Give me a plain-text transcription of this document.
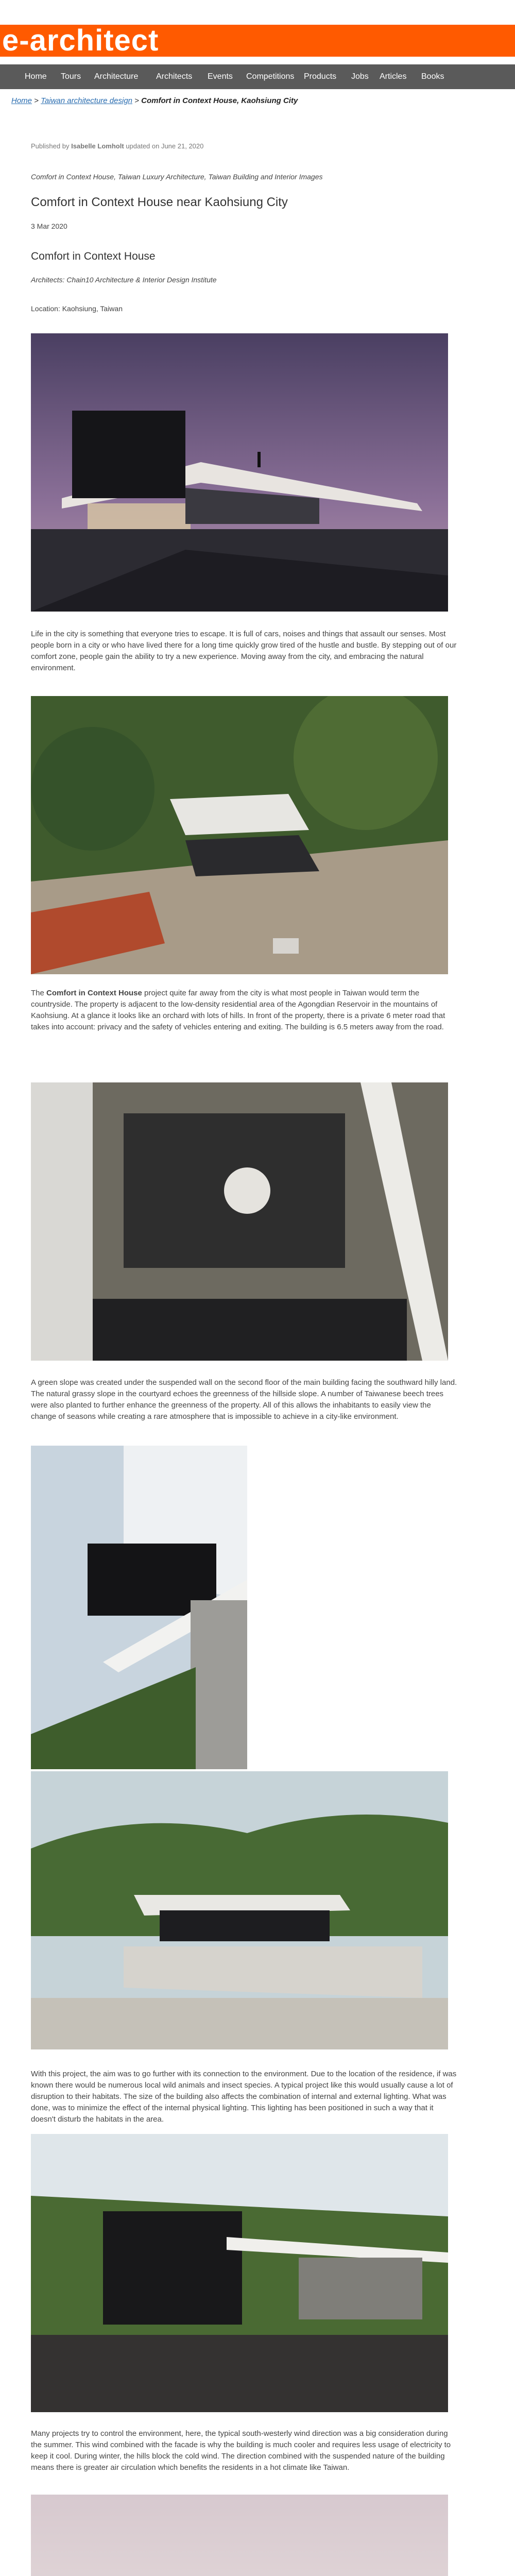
e-architect
Home Tours Architecture Architects Events Competitions Products Jobs Articles Books
Home > Taiwan architecture design > Comfort in Context House, Kaohsiung City
Published by Isabelle Lomholt updated on June 21, 2020
Comfort in Context House, Taiwan Luxury Architecture, Taiwan Building and Interior Images
Comfort in Context House near Kaohsiung City
3 Mar 2020
Comfort in Context House
Architects: Chain10 Architecture & Interior Design Institute
Location: Kaohsiung, Taiwan
Life in the city is something that everyone tries to escape. It is full of cars, noises and things that assault our senses. Most people born in a city or who have lived there for a long time quickly grow tired of the hustle and bustle. By stepping out of our comfort zone, people gain the ability to try a new experience. Moving away from the city, and embracing the natural environment.
The Comfort in Context House project quite far away from the city is what most people in Taiwan would term the countryside. The property is adjacent to the low-density residential area of the Agongdian Reservoir in the mountains of Kaohsiung. At a glance it looks like an orchard with lots of hills. In front of the property, there is a private 6 meter road that takes into account: privacy and the safety of vehicles entering and exiting. The building is 6.5 meters away from the road.
A green slope was created under the suspended wall on the second floor of the main building facing the southward hilly land. The natural grassy slope in the courtyard echoes the greenness of the hillside slope. A number of Taiwanese beech trees were also planted to further enhance the greenness of the property. All of this allows the inhabitants to easily view the change of seasons while creating a rare atmosphere that is impossible to achieve in a city-like environment.
With this project, the aim was to go further with its connection to the environment. Due to the location of the residence, if was known there would be numerous local wild animals and insect species. A typical project like this would usually cause a lot of disruption to their habitats. The size of the building also affects the combination of internal and external lighting. What was done, was to minimize the effect of the internal physical lighting. This lighting has been positioned in such a way that it doesn't disturb the habitats in the area.
Many projects try to control the environment, here, the typical south-westerly wind direction was a big consideration during the summer. This wind combined with the facade is why the building is much cooler and requires less usage of electricity to keep it cool. During winter, the hills block the cold wind. The direction combined with the suspended nature of the building means there is greater air circulation which benefits the residents in a hot climate like Taiwan.
